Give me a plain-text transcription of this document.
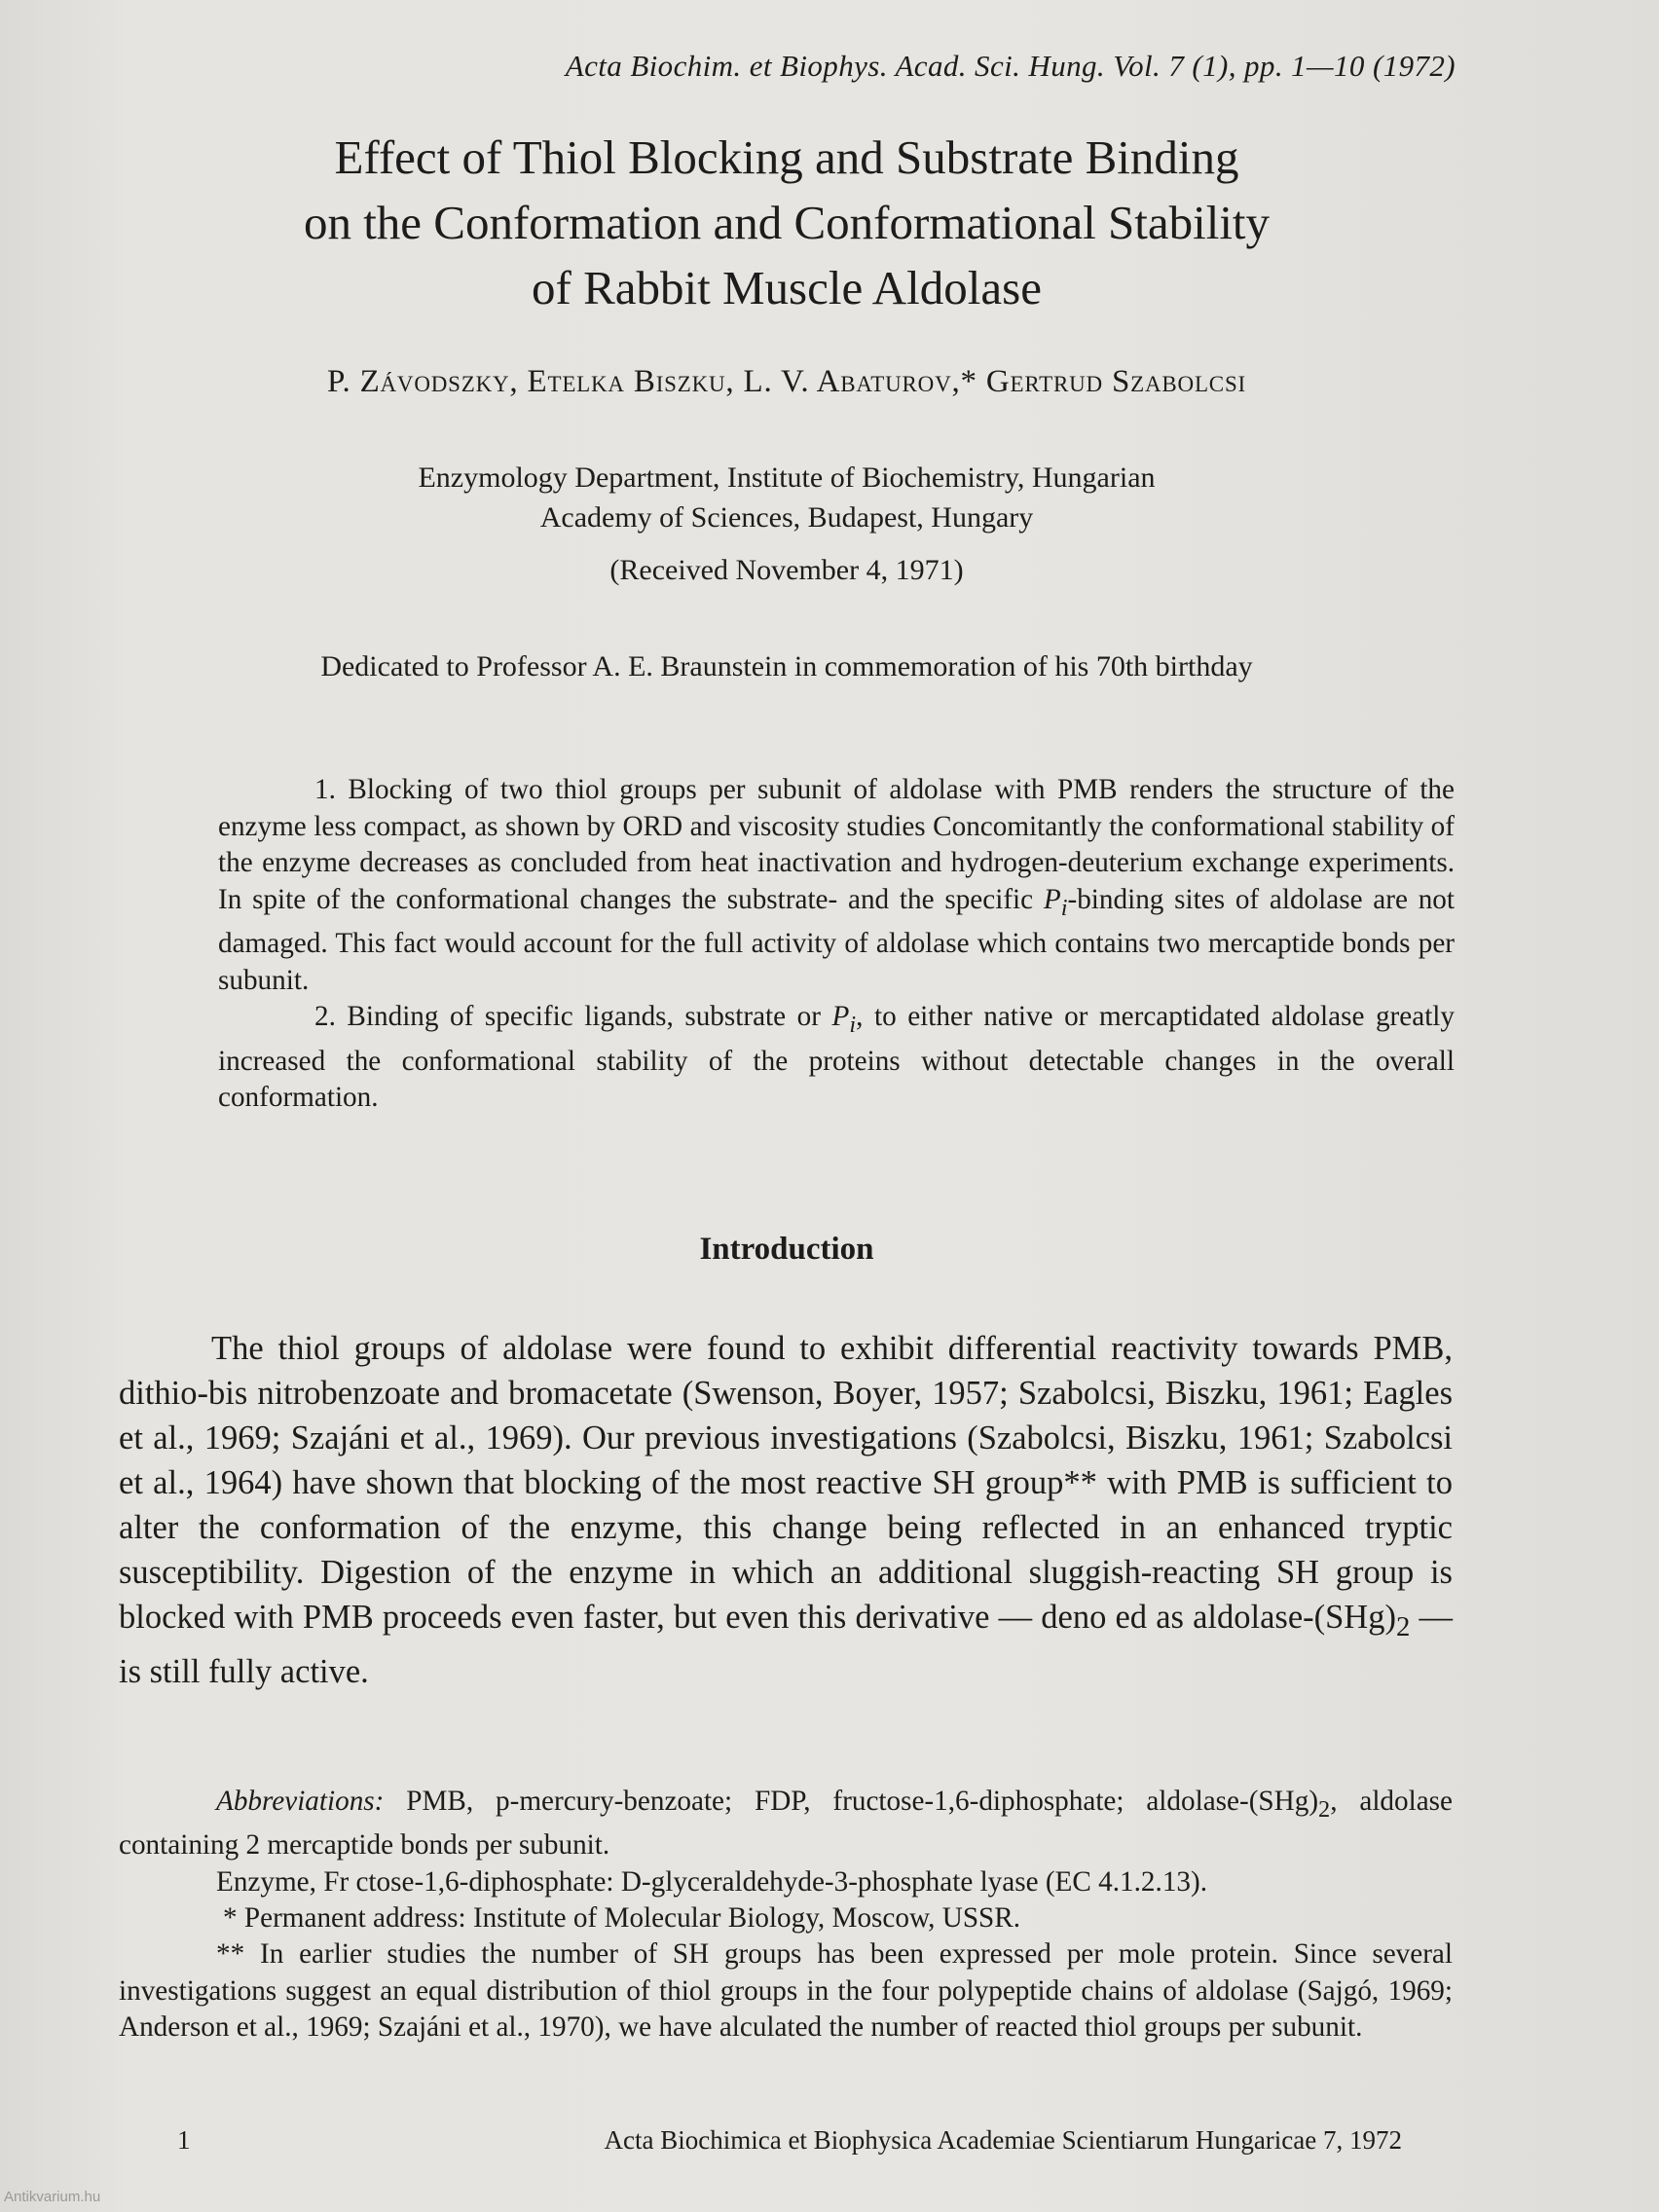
Acta Biochim. et Biophys. Acad. Sci. Hung. Vol. 7 (1), pp. 1—10 (1972)
Effect of Thiol Blocking and Substrate Binding
on the Conformation and Conformational Stability
of Rabbit Muscle Aldolase
P. Závodszky, Etelka Biszku, L. V. Abaturov,* Gertrud Szabolcsi
Enzymology Department, Institute of Biochemistry, Hungarian
Academy of Sciences, Budapest, Hungary
(Received November 4, 1971)
Dedicated to Professor A. E. Braunstein in commemoration of his 70th birthday

1. Blocking of two thiol groups per subunit of aldolase with PMB renders the structure of the enzyme less compact, as shown by ORD and viscosity studies Concomitantly the conformational stability of the enzyme decreases as concluded from heat inactivation and hydrogen-deuterium exchange experiments. In spite of the conformational changes the substrate- and the specific $P_i$-binding sites of aldolase are not damaged. This fact would account for the full activity of aldolase which contains two mercaptide bonds per subunit.

2. Binding of specific ligands, substrate or $P_i$, to either native or mercaptidated aldolase greatly increased the conformational stability of the proteins without detectable changes in the overall conformation.

Introduction

The thiol groups of aldolase were found to exhibit differential reactivity towards PMB, dithio-bis nitrobenzoate and bromacetate (Swenson, Boyer, 1957; Szabolcsi, Biszku, 1961; Eagles et al., 1969; Szajáni et al., 1969). Our previous investigations (Szabolcsi, Biszku, 1961; Szabolcsi et al., 1964) have shown that blocking of the most reactive SH group** with PMB is sufficient to alter the conformation of the enzyme, this change being reflected in an enhanced tryptic susceptibility. Digestion of the enzyme in which an additional sluggish-reacting SH group is blocked with PMB proceeds even faster, but even this derivative — deno ed as aldolase-$(SHg)_2$ — is still fully active.

Abbreviations: PMB, p-mercury-benzoate; FDP, fructose-1,6-diphosphate; aldolase-$(SHg)_2$, aldolase containing 2 mercaptide bonds per subunit.

Enzyme, Fr ctose-1,6-diphosphate: D-glyceraldehyde-3-phosphate lyase (EC 4.1.2.13).

* Permanent address: Institute of Molecular Biology, Moscow, USSR.

** In earlier studies the number of SH groups has been expressed per mole protein. Since several investigations suggest an equal distribution of thiol groups in the four polypeptide chains of aldolase (Sajgó, 1969; Anderson et al., 1969; Szajáni et al., 1970), we have alculated the number of reacted thiol groups per subunit.

1	Acta Biochimica et Biophysica Academiae Scientiarum Hungaricae 7, 1972
Antikvarium.hu
